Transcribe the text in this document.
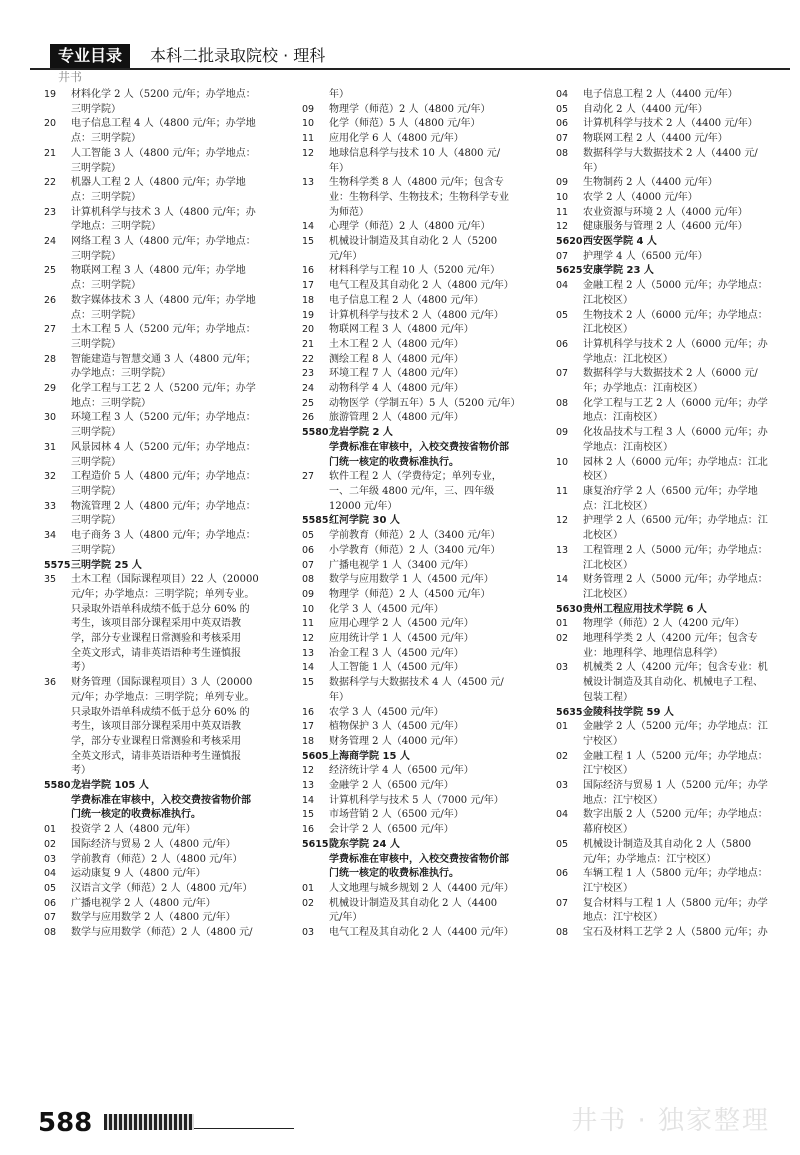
专业目录	本科二批录取院校 · 理科
井书
19	材料化学 2 人（5200 元/年；办学地点：
三明学院）
20	电子信息工程 4 人（4800 元/年；办学地
点：三明学院）
21	人工智能 3 人（4800 元/年；办学地点：
三明学院）
22	机器人工程 2 人（4800 元/年；办学地
点：三明学院）
23	计算机科学与技术 3 人（4800 元/年；办
学地点：三明学院）
24	网络工程 3 人（4800 元/年；办学地点：
三明学院）
25	物联网工程 3 人（4800 元/年；办学地
点：三明学院）
26	数字媒体技术 3 人（4800 元/年；办学地
点：三明学院）
27	土木工程 5 人（5200 元/年；办学地点：
三明学院）
28	智能建造与智慧交通 3 人（4800 元/年；
办学地点：三明学院）
29	化学工程与工艺 2 人（5200 元/年；办学
地点：三明学院）
30	环境工程 3 人（5200 元/年；办学地点：
三明学院）
31	风景园林 4 人（5200 元/年；办学地点：
三明学院）
32	工程造价 5 人（4800 元/年；办学地点：
三明学院）
33	物流管理 2 人（4800 元/年；办学地点：
三明学院）
34	电子商务 3 人（4800 元/年；办学地点：
三明学院）
5575 三明学院 25 人
35	土木工程（国际课程项目）22 人（20000
元/年；办学地点：三明学院；单列专业。
只录取外语单科成绩不低于总分 60% 的
考生，该项目部分课程采用中英双语教
学，部分专业课程日常测验和考核采用
全英文形式，请非英语语种考生谨慎报
考）
36	财务管理（国际课程项目）3 人（20000
元/年；办学地点：三明学院；单列专业。
只录取外语单科成绩不低于总分 60% 的
考生，该项目部分课程采用中英双语教
学，部分专业课程日常测验和考核采用
全英文形式，请非英语语种考生谨慎报
考）
5580 龙岩学院 105 人
学费标准在审核中，入校交费按省物价部
门统一核定的收费标准执行。
01	投资学 2 人（4800 元/年）
02	国际经济与贸易 2 人（4800 元/年）
03	学前教育（师范）2 人（4800 元/年）
04	运动康复 9 人（4800 元/年）
05	汉语言文学（师范）2 人（4800 元/年）
06	广播电视学 2 人（4800 元/年）
07	数学与应用数学 2 人（4800 元/年）
08	数学与应用数学（师范）2 人（4800 元/
年）
09	物理学（师范）2 人（4800 元/年）
10	化学（师范）5 人（4800 元/年）
11	应用化学 6 人（4800 元/年）
12	地球信息科学与技术 10 人（4800 元/
年）
13	生物科学类 8 人（4800 元/年；包含专
业：生物科学、生物技术；生物科学专业
为师范）
14	心理学（师范）2 人（4800 元/年）
15	机械设计制造及其自动化 2 人（5200
元/年）
16	材料科学与工程 10 人（5200 元/年）
17	电气工程及其自动化 2 人（4800 元/年）
18	电子信息工程 2 人（4800 元/年）
19	计算机科学与技术 2 人（4800 元/年）
20	物联网工程 3 人（4800 元/年）
21	土木工程 2 人（4800 元/年）
22	测绘工程 8 人（4800 元/年）
23	环境工程 7 人（4800 元/年）
24	动物科学 4 人（4800 元/年）
25	动物医学（学制五年）5 人（5200 元/年）
26	旅游管理 2 人（4800 元/年）
5580 龙岩学院 2 人
学费标准在审核中，入校交费按省物价部
门统一核定的收费标准执行。
27	软件工程 2 人（学费待定；单列专业，
一、二年级 4800 元/年，三、四年级
12000 元/年）
5585 红河学院 30 人
05	学前教育（师范）2 人（3400 元/年）
06	小学教育（师范）2 人（3400 元/年）
07	广播电视学 1 人（3400 元/年）
08	数学与应用数学 1 人（4500 元/年）
09	物理学（师范）2 人（4500 元/年）
10	化学 3 人（4500 元/年）
11	应用心理学 2 人（4500 元/年）
12	应用统计学 1 人（4500 元/年）
13	冶金工程 3 人（4500 元/年）
14	人工智能 1 人（4500 元/年）
15	数据科学与大数据技术 4 人（4500 元/
年）
16	农学 3 人（4500 元/年）
17	植物保护 3 人（4500 元/年）
18	财务管理 2 人（4000 元/年）
5605 上海商学院 15 人
12	经济统计学 4 人（6500 元/年）
13	金融学 2 人（6500 元/年）
14	计算机科学与技术 5 人（7000 元/年）
15	市场营销 2 人（6500 元/年）
16	会计学 2 人（6500 元/年）
5615 陇东学院 24 人
学费标准在审核中，入校交费按省物价部
门统一核定的收费标准执行。
01	人文地理与城乡规划 2 人（4400 元/年）
02	机械设计制造及其自动化 2 人（4400
元/年）
03	电气工程及其自动化 2 人（4400 元/年）
04	电子信息工程 2 人（4400 元/年）
05	自动化 2 人（4400 元/年）
06	计算机科学与技术 2 人（4400 元/年）
07	物联网工程 2 人（4400 元/年）
08	数据科学与大数据技术 2 人（4400 元/
年）
09	生物制药 2 人（4400 元/年）
10	农学 2 人（4000 元/年）
11	农业资源与环境 2 人（4000 元/年）
12	健康服务与管理 2 人（4600 元/年）
5620 西安医学院 4 人
07	护理学 4 人（6500 元/年）
5625 安康学院 23 人
04	金融工程 2 人（5000 元/年；办学地点：
江北校区）
05	生物技术 2 人（6000 元/年；办学地点：
江北校区）
06	计算机科学与技术 2 人（6000 元/年；办
学地点：江北校区）
07	数据科学与大数据技术 2 人（6000 元/
年；办学地点：江南校区）
08	化学工程与工艺 2 人（6000 元/年；办学
地点：江南校区）
09	化妆品技术与工程 3 人（6000 元/年；办
学地点：江南校区）
10	园林 2 人（6000 元/年；办学地点：江北
校区）
11	康复治疗学 2 人（6500 元/年；办学地
点：江北校区）
12	护理学 2 人（6500 元/年；办学地点：江
北校区）
13	工程管理 2 人（5000 元/年；办学地点：
江北校区）
14	财务管理 2 人（5000 元/年；办学地点：
江北校区）
5630 贵州工程应用技术学院 6 人
01	物理学（师范）2 人（4200 元/年）
02	地理科学类 2 人（4200 元/年；包含专
业：地理科学、地理信息科学）
03	机械类 2 人（4200 元/年；包含专业：机
械设计制造及其自动化、机械电子工程、
包装工程）
5635 金陵科技学院 59 人
01	金融学 2 人（5200 元/年；办学地点：江
宁校区）
02	金融工程 1 人（5200 元/年；办学地点：
江宁校区）
03	国际经济与贸易 1 人（5200 元/年；办学
地点：江宁校区）
04	数字出版 2 人（5200 元/年；办学地点：
幕府校区）
05	机械设计制造及其自动化 2 人（5800
元/年；办学地点：江宁校区）
06	车辆工程 1 人（5800 元/年；办学地点：
江宁校区）
07	复合材料与工程 1 人（5800 元/年；办学
地点：江宁校区）
08	宝石及材料工艺学 2 人（5800 元/年；办
588	井书 · 独家整理
